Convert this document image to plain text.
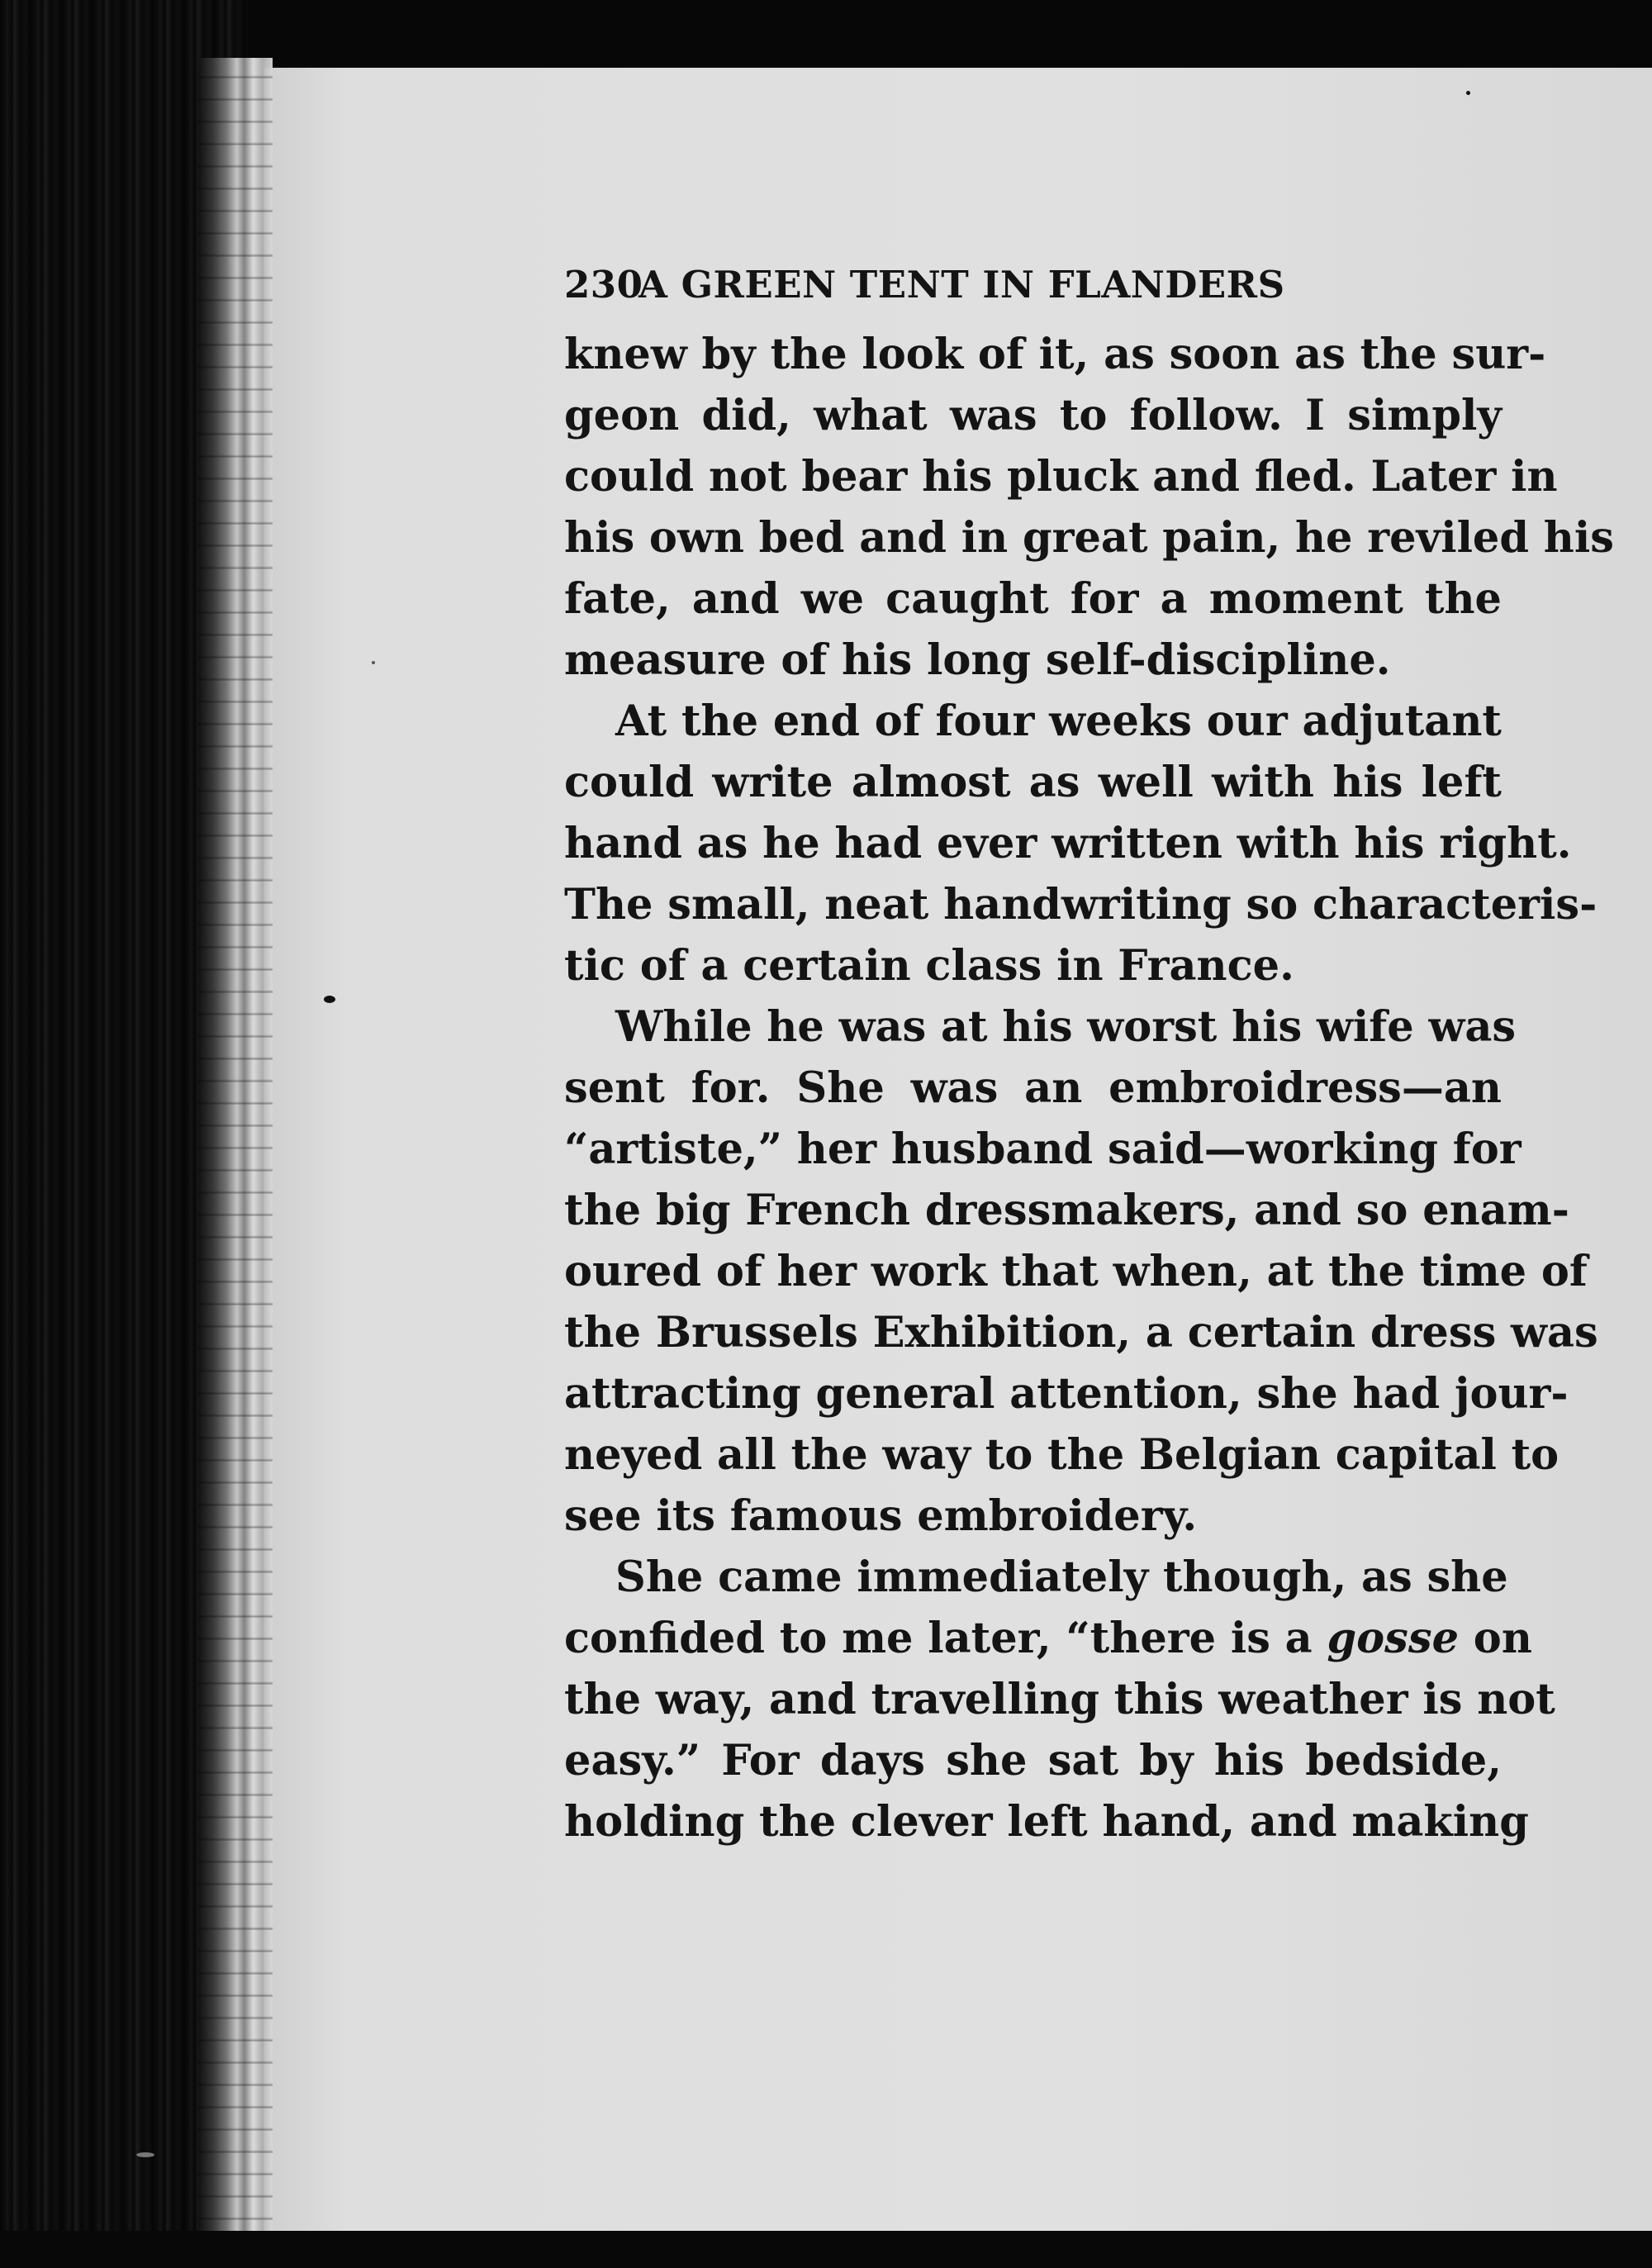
230
A GREEN TENT IN FLANDERS

knew by the look of it, as soon as the sur-
geon did, what was to follow. I simply
could not bear his pluck and fled. Later in
his own bed and in great pain, he reviled his
fate, and we caught for a moment the
measure of his long self-discipline.

At the end of four weeks our adjutant
could write almost as well with his left
hand as he had ever written with his right.
The small, neat handwriting so characteris-
tic of a certain class in France.

While he was at his worst his wife was
sent for. She was an embroidress—an
“artiste,” her husband said—working for
the big French dressmakers, and so enam-
oured of her work that when, at the time of
the Brussels Exhibition, a certain dress was
attracting general attention, she had jour-
neyed all the way to the Belgian capital to
see its famous embroidery.

She came immediately though, as she
confided to me later, “there is a gosse on
the way, and travelling this weather is not
easy.” For days she sat by his bedside,
holding the clever left hand, and making
